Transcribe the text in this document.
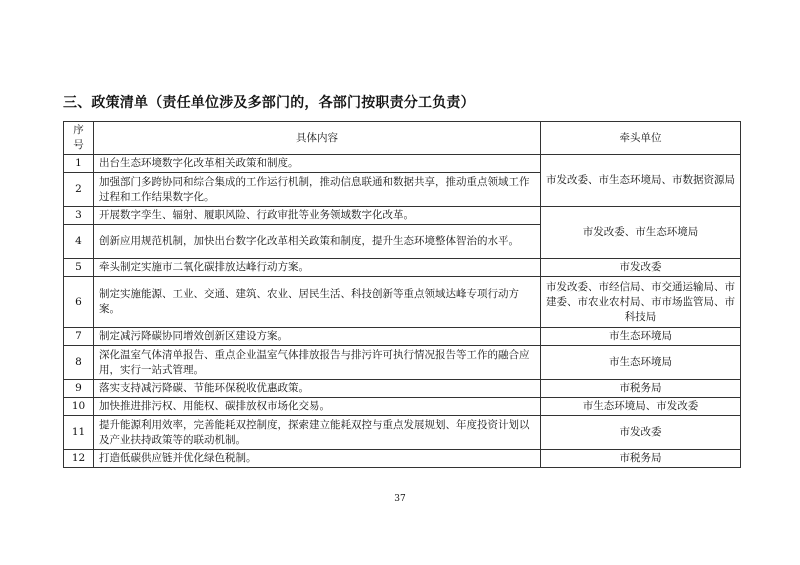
三、政策清单（责任单位涉及多部门的，各部门按职责分工负责）
序号	具体内容	牵头单位
1	出台生态环境数字化改革相关政策和制度。	市发改委、市生态环境局、市数据资源局
2	加强部门多跨协同和综合集成的工作运行机制，推动信息联通和数据共享，推动重点领域工作过程和工作结果数字化。	
3	开展数字孪生、辐射、履职风险、行政审批等业务领域数字化改革。	市发改委、市生态环境局
4	创新应用规范机制，加快出台数字化改革相关政策和制度，提升生态环境整体智治的水平。	
5	牵头制定实施市二氧化碳排放达峰行动方案。	市发改委
6	制定实施能源、工业、交通、建筑、农业、居民生活、科技创新等重点领域达峰专项行动方案。	市发改委、市经信局、市交通运输局、市建委、市农业农村局、市市场监管局、市科技局
7	制定减污降碳协同增效创新区建设方案。	市生态环境局
8	深化温室气体清单报告、重点企业温室气体排放报告与排污许可执行情况报告等工作的融合应用，实行一站式管理。	市生态环境局
9	落实支持减污降碳、节能环保税收优惠政策。	市税务局
10	加快推进排污权、用能权、碳排放权市场化交易。	市生态环境局、市发改委
11	提升能源利用效率，完善能耗双控制度，探索建立能耗双控与重点发展规划、年度投资计划以及产业扶持政策等的联动机制。	市发改委
12	打造低碳供应链并优化绿色税制。	市税务局
37
